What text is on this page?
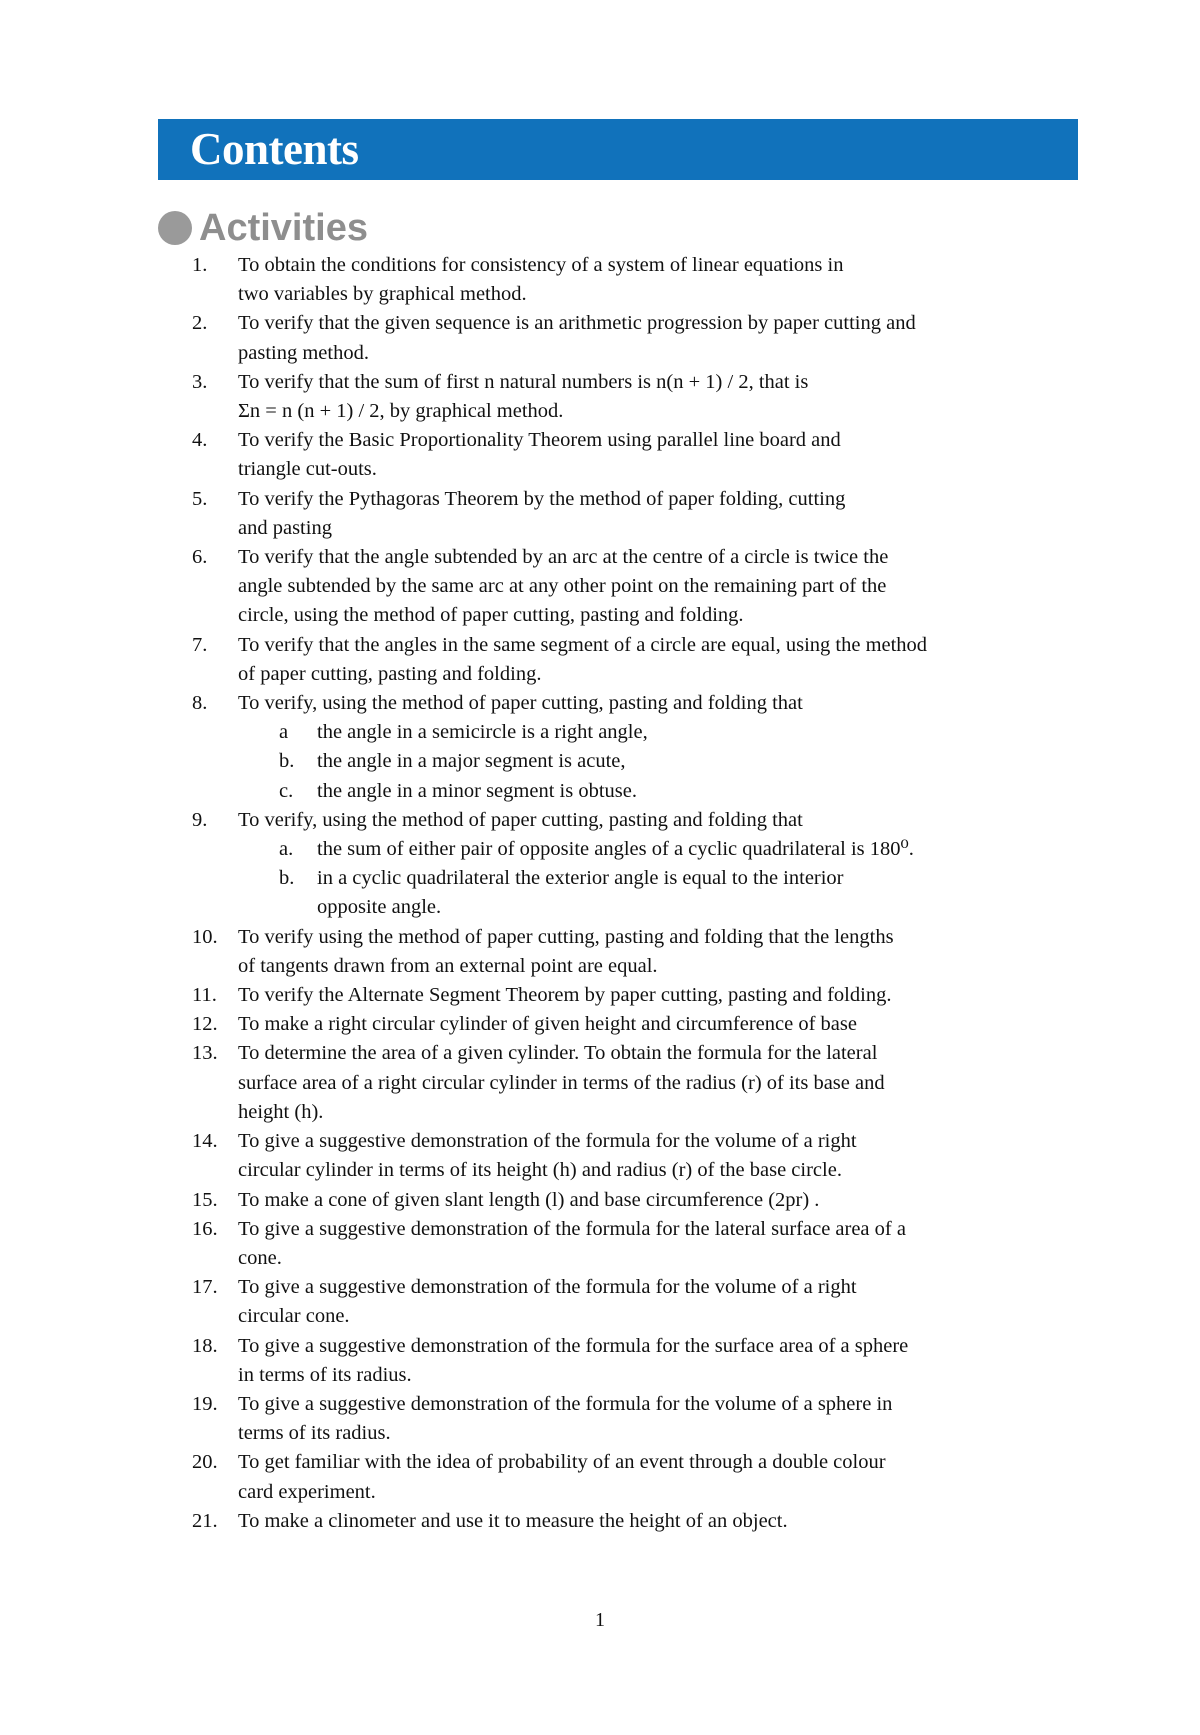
Contents
Activities
1.	To obtain the conditions for consistency of a system of linear equations in
two variables by graphical method.
2.	To verify that the given sequence is an arithmetic progression by paper cutting and
pasting method.
3.	To verify that the sum of first n natural numbers is n(n + 1) / 2, that is
Σn = n (n + 1) / 2, by graphical method.
4.	To verify the Basic Proportionality Theorem using parallel line board and
triangle cut-outs.
5.	To verify the Pythagoras Theorem by the method of paper folding, cutting
and pasting
6.	To verify that the angle subtended by an arc at the centre of a circle is twice the
angle subtended by the same arc at any other point on the remaining part of the
circle, using the method of paper cutting, pasting and folding.
7.	To verify that the angles in the same segment of a circle are equal, using the method
of paper cutting, pasting and folding.
8.	To verify, using the method of paper cutting, pasting and folding that
a	the angle in a semicircle is a right angle,
b.	the angle in a major segment is acute,
c.	the angle in a minor segment is obtuse.
9.	To verify, using the method of paper cutting, pasting and folding that
a.	the sum of either pair of opposite angles of a cyclic quadrilateral is 180⁰.
b.	in a cyclic quadrilateral the exterior angle is equal to the interior
opposite angle.
10. To verify using the method of paper cutting, pasting and folding that the lengths
of tangents drawn from an external point are equal.
11.	To verify the Alternate Segment Theorem by paper cutting, pasting and folding.
12. To make a right circular cylinder of given height and circumference of base
13. To determine the area of a given cylinder. To obtain the formula for the lateral
surface area of a right circular cylinder in terms of the radius (r) of its base and
height (h).
14. To give a suggestive demonstration of the formula for the volume of a right
circular cylinder in terms of its height (h) and radius (r) of the base circle.
15. To make a cone of given slant length (l) and base circumference (2pr) .
16. To give a suggestive demonstration of the formula for the lateral surface area of a
cone.
17. To give a suggestive demonstration of the formula for the volume of a right
circular cone.
18. To give a suggestive demonstration of the formula for the surface area of a sphere
in terms of its radius.
19. To give a suggestive demonstration of the formula for the volume of a sphere in
terms of its radius.
20. To get familiar with the idea of probability of an event through a double colour
card experiment.
21. To make a clinometer and use it to measure the height of an object.
1
